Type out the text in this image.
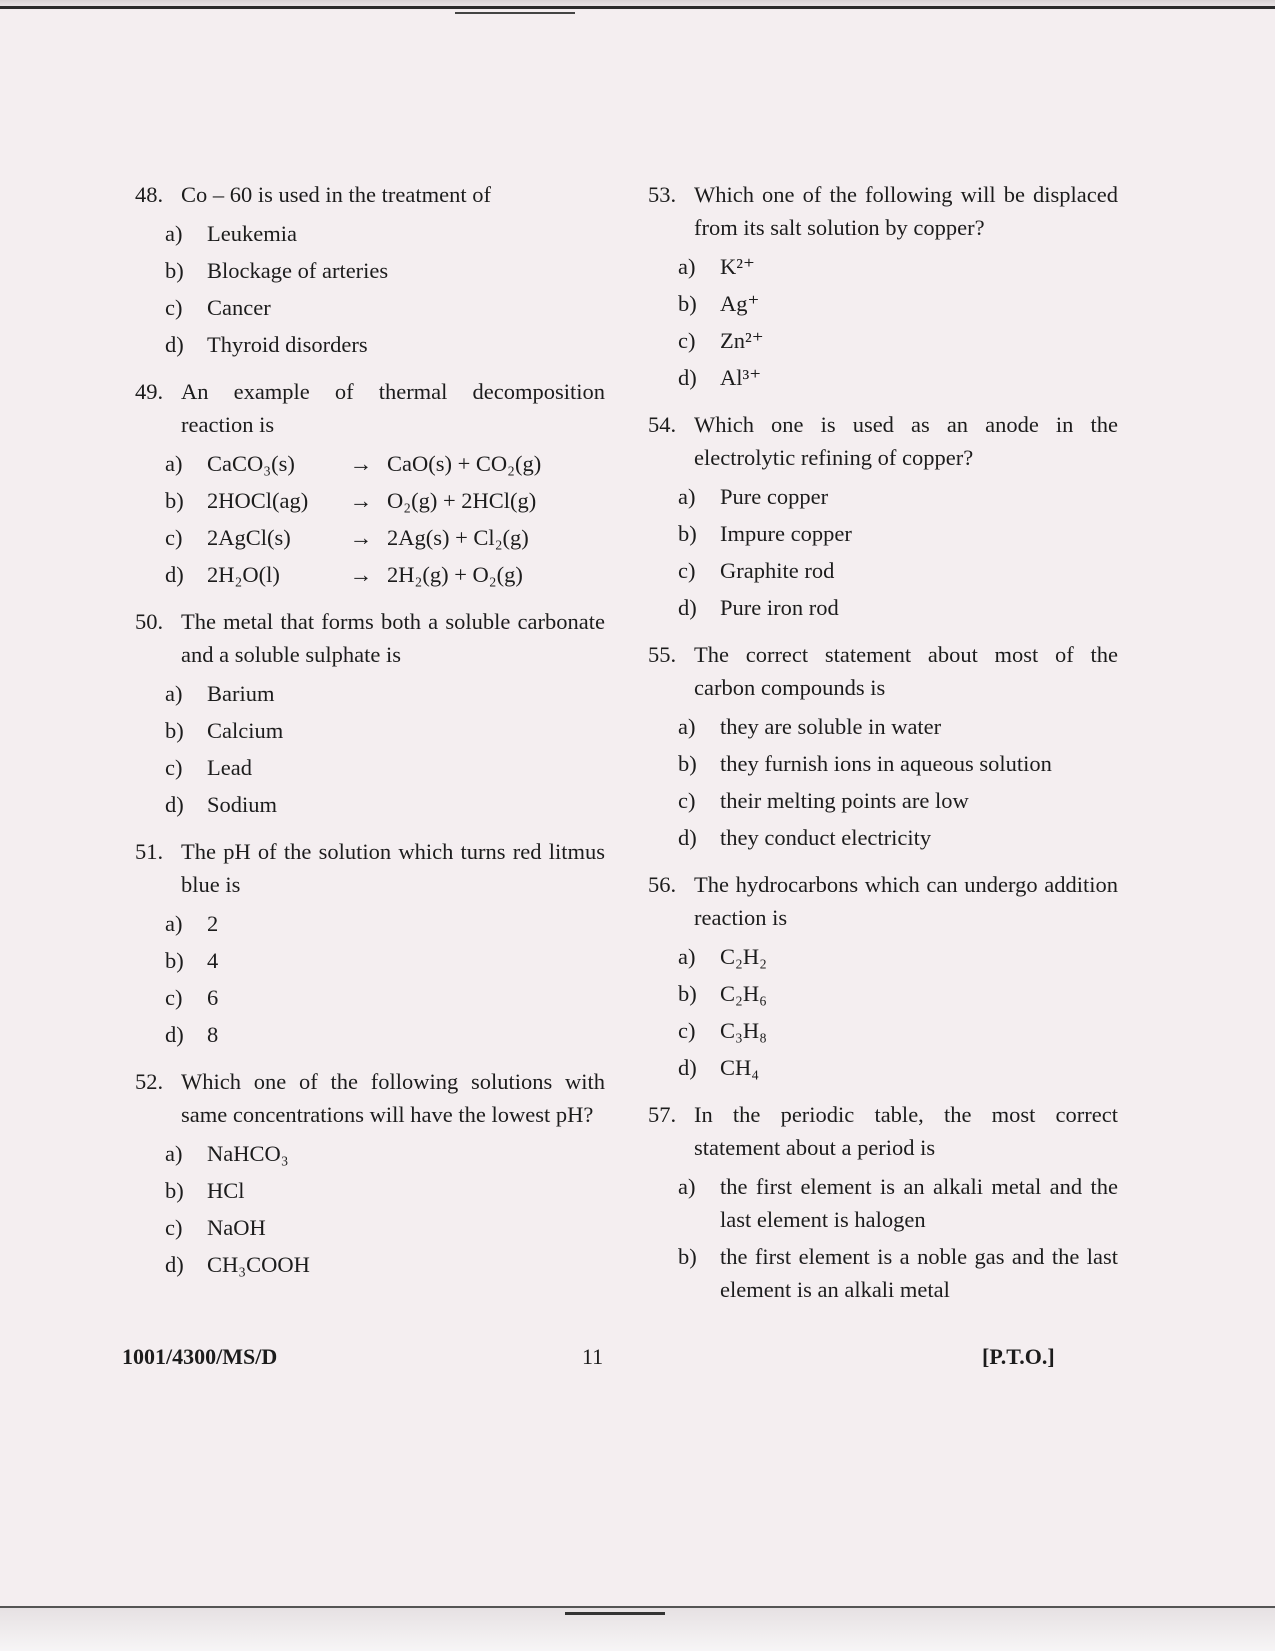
48. Co – 60 is used in the treatment of
a)	Leukemia
b)	Blockage of arteries
c)	Cancer
d)	Thyroid disorders
49. An example of thermal decomposition reaction is
a)	CaCO₃(s)	→ CaO(s) + CO₂(g)
b)	2HOCl(ag)	→ O₂(g) + 2HCl(g)
c)	2AgCl(s)	→ 2Ag(s) + Cl₂(g)
d)	2H₂O(l)	→ 2H₂(g) + O₂(g)
50. The metal that forms both a soluble carbonate and a soluble sulphate is
a)	Barium
b)	Calcium
c)	Lead
d)	Sodium
51. The pH of the solution which turns red litmus blue is
a)	2
b)	4
c)	6
d)	8
52. Which one of the following solutions with same concentrations will have the lowest pH?
a)	NaHCO₃
b)	HCl
c)	NaOH
d)	CH₃COOH
53. Which one of the following will be displaced from its salt solution by copper?
a)	K²⁺
b)	Ag⁺
c)	Zn²⁺
d)	Al³⁺
54. Which one is used as an anode in the electrolytic refining of copper?
a)	Pure copper
b)	Impure copper
c)	Graphite rod
d)	Pure iron rod
55. The correct statement about most of the carbon compounds is
a)	they are soluble in water
b)	they furnish ions in aqueous solution
c)	their melting points are low
d)	they conduct electricity
56. The hydrocarbons which can undergo addition reaction is
a)	C₂H₂
b)	C₂H₆
c)	C₃H₈
d)	CH₄
57. In the periodic table, the most correct statement about a period is
a)	the first element is an alkali metal and the last element is halogen
b)	the first element is a noble gas and the last element is an alkali metal
1001/4300/MS/D	11	[P.T.O.]
